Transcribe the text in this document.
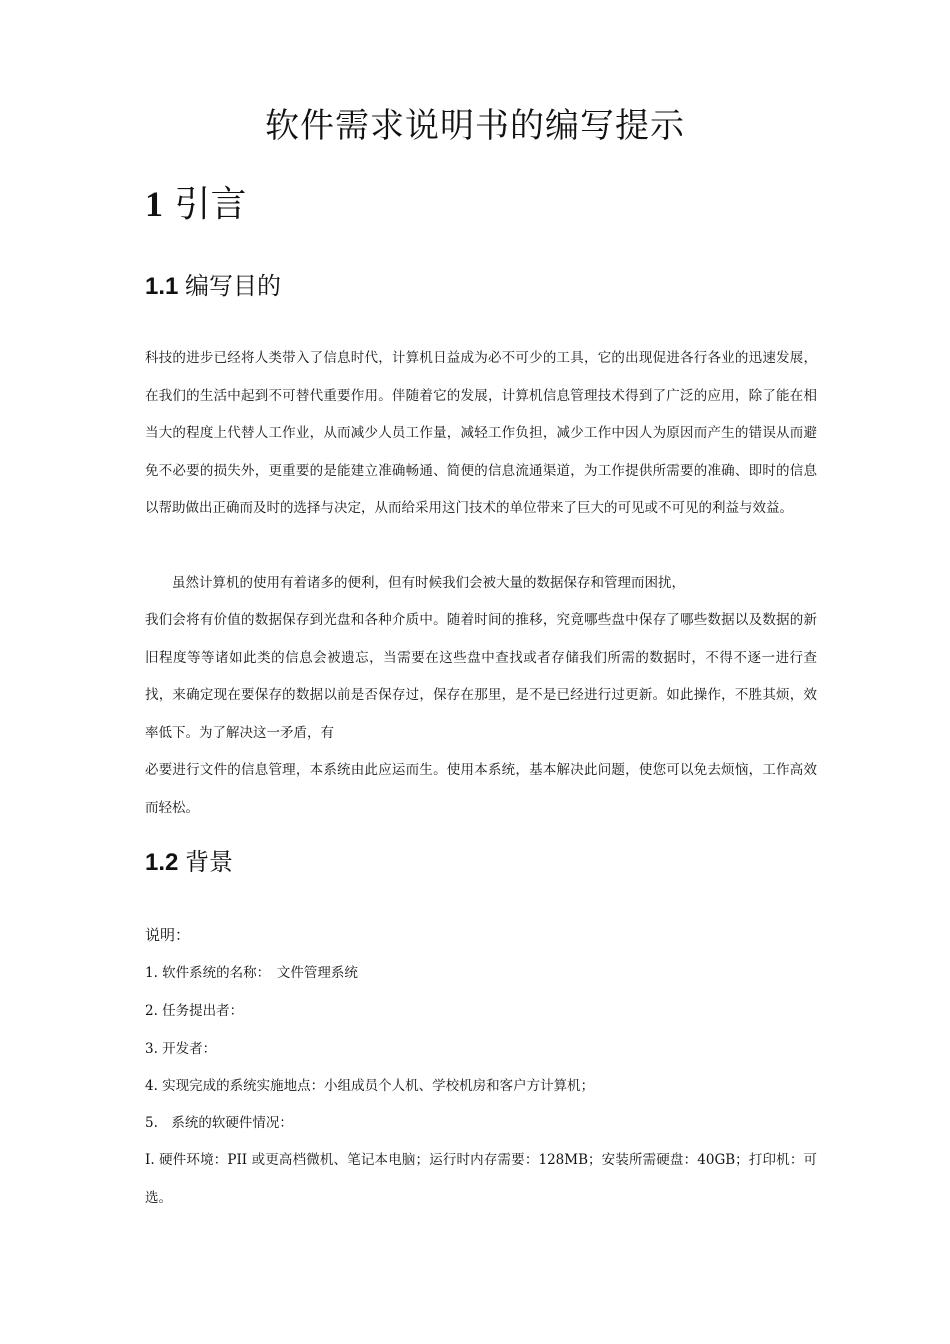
软件需求说明书的编写提示
1 引言
1.1 编写目的

科技的进步已经将人类带入了信息时代，计算机日益成为必不可少的工具，它的出现促进各行各业的迅速发展，在我们的生活中起到不可替代重要作用。伴随着它的发展，计算机信息管理技术得到了广泛的应用，除了能在相当大的程度上代替人工作业，从而减少人员工作量，减轻工作负担，减少工作中因人为原因而产生的错误从而避免不必要的损失外，更重要的是能建立准确畅通、简便的信息流通渠道，为工作提供所需要的准确、即时的信息以帮助做出正确而及时的选择与决定，从而给采用这门技术的单位带来了巨大的可见或不可见的利益与效益。

虽然计算机的使用有着诸多的便利，但有时候我们会被大量的数据保存和管理而困扰，

我们会将有价值的数据保存到光盘和各种介质中。随着时间的推移，究竟哪些盘中保存了哪些数据以及数据的新旧程度等等诸如此类的信息会被遗忘，当需要在这些盘中查找或者存储我们所需的数据时，不得不逐一进行查找，来确定现在要保存的数据以前是否保存过，保存在那里，是不是已经进行过更新。如此操作，不胜其烦，效率低下。为了解决这一矛盾，有

必要进行文件的信息管理，本系统由此应运而生。使用本系统，基本解决此问题，使您可以免去烦恼，工作高效而轻松。

1.2 背景

说明：

1. 软件系统的名称：　文件管理系统

2. 任务提出者：

3. 开发者：

4. 实现完成的系统实施地点：小组成员个人机、学校机房和客户方计算机；

5.　系统的软硬件情况：

I. 硬件环境：PII 或更高档微机、笔记本电脑；运行时内存需要：128MB；安装所需硬盘：40GB；打印机：可选。
